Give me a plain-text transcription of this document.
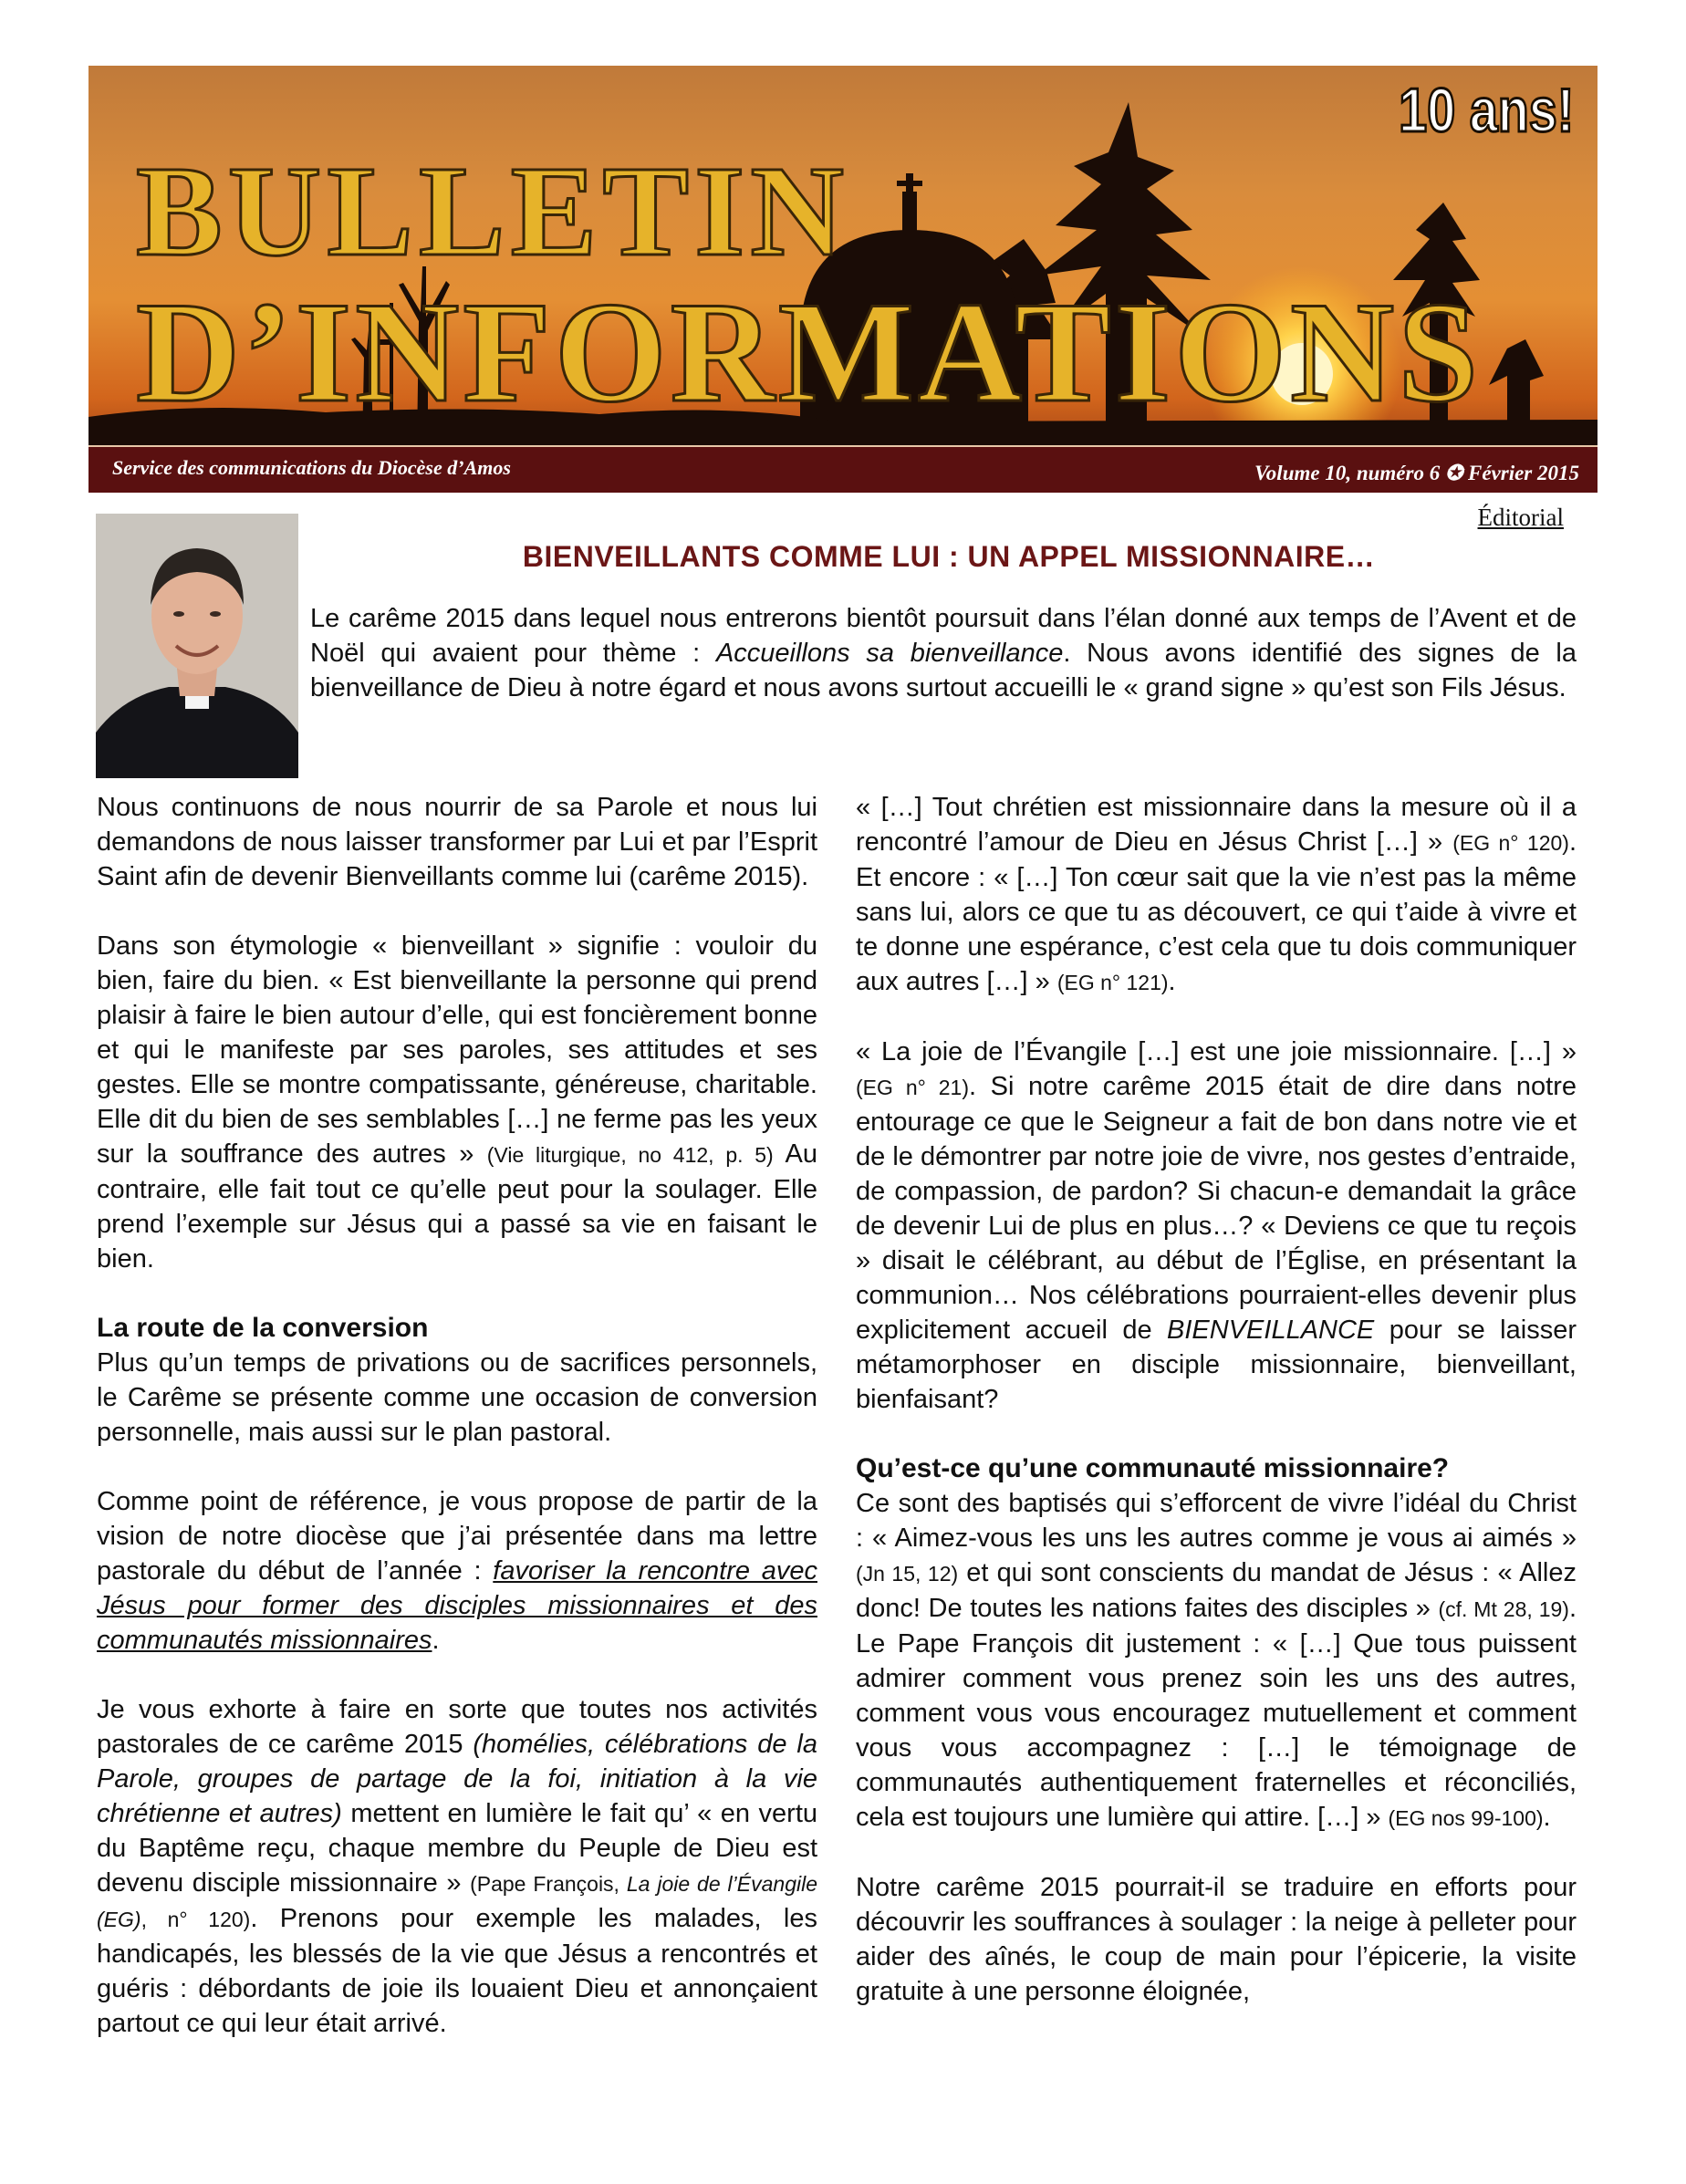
BULLETIN
D’INFORMATIONS
10 ans!
Service des communications du Diocèse d’Amos	Volume 10, numéro 6 ✪ Février 2015
Éditorial
BIENVEILLANTS COMME LUI : UN APPEL MISSIONNAIRE…

Le carême 2015 dans lequel nous entrerons bientôt poursuit dans l’élan donné aux temps de l’Avent et de Noël qui avaient pour thème : Accueillons sa bienveillance. Nous avons identifié des signes de la bienveillance de Dieu à notre égard et nous avons surtout accueilli le « grand signe » qu’est son Fils Jésus.

Nous continuons de nous nourrir de sa Parole et nous lui demandons de nous laisser transformer par Lui et par l’Esprit Saint afin de devenir Bienveillants comme lui (carême 2015).

Dans son étymologie « bienveillant » signifie : vouloir du bien, faire du bien. « Est bienveillante la personne qui prend plaisir à faire le bien autour d’elle, qui est foncièrement bonne et qui le manifeste par ses paroles, ses attitudes et ses gestes. Elle se montre compatissante, généreuse, charitable. Elle dit du bien de ses semblables […] ne ferme pas les yeux sur la souffrance des autres » (Vie liturgique, no 412, p. 5) Au contraire, elle fait tout ce qu’elle peut pour la soulager. Elle prend l’exemple sur Jésus qui a passé sa vie en faisant le bien.

La route de la conversion

Plus qu’un temps de privations ou de sacrifices personnels, le Carême se présente comme une occasion de conversion personnelle, mais aussi sur le plan pastoral.

Comme point de référence, je vous propose de partir de la vision de notre diocèse que j’ai présentée dans ma lettre pastorale du début de l’année : favoriser la rencontre avec Jésus pour former des disciples missionnaires et des communautés missionnaires.

Je vous exhorte à faire en sorte que toutes nos activités pastorales de ce carême 2015 (homélies, célébrations de la Parole, groupes de partage de la foi, initiation à la vie chrétienne et autres) mettent en lumière le fait qu’ « en vertu du Baptême reçu, chaque membre du Peuple de Dieu est devenu disciple missionnaire » (Pape François, La joie de l’Évangile (EG), n° 120). Prenons pour exemple les malades, les handicapés, les blessés de la vie que Jésus a rencontrés et guéris : débordants de joie ils louaient Dieu et annonçaient partout ce qui leur était arrivé.

« […] Tout chrétien est missionnaire dans la mesure où il a rencontré l’amour de Dieu en Jésus Christ […] » (EG n° 120). Et encore : « […] Ton cœur sait que la vie n’est pas la même sans lui, alors ce que tu as découvert, ce qui t’aide à vivre et te donne une espérance, c’est cela que tu dois communiquer aux autres […] » (EG n° 121).

« La joie de l’Évangile […] est une joie missionnaire. […] » (EG n° 21). Si notre carême 2015 était de dire dans notre entourage ce que le Seigneur a fait de bon dans notre vie et de le démontrer par notre joie de vivre, nos gestes d’entraide, de compassion, de pardon? Si chacun-e demandait la grâce de devenir Lui de plus en plus…? « Deviens ce que tu reçois » disait le célébrant, au début de l’Église, en présentant la communion… Nos célébrations pourraient-elles devenir plus explicitement accueil de BIENVEILLANCE pour se laisser métamorphoser en disciple missionnaire, bienveillant, bienfaisant?

Qu’est-ce qu’une communauté missionnaire?

Ce sont des baptisés qui s’efforcent de vivre l’idéal du Christ : « Aimez-vous les uns les autres comme je vous ai aimés » (Jn 15, 12) et qui sont conscients du mandat de Jésus : « Allez donc! De toutes les nations faites des disciples » (cf. Mt 28, 19). Le Pape François dit justement : « […] Que tous puissent admirer comment vous prenez soin les uns des autres, comment vous vous encouragez mutuellement et comment vous vous accompagnez : […] le témoignage de communautés authentiquement fraternelles et réconciliés, cela est toujours une lumière qui attire. […] » (EG nos 99-100).

Notre carême 2015 pourrait-il se traduire en efforts pour découvrir les souffrances à soulager : la neige à pelleter pour aider des aînés, le coup de main pour l’épicerie, la visite gratuite à une personne éloignée,
